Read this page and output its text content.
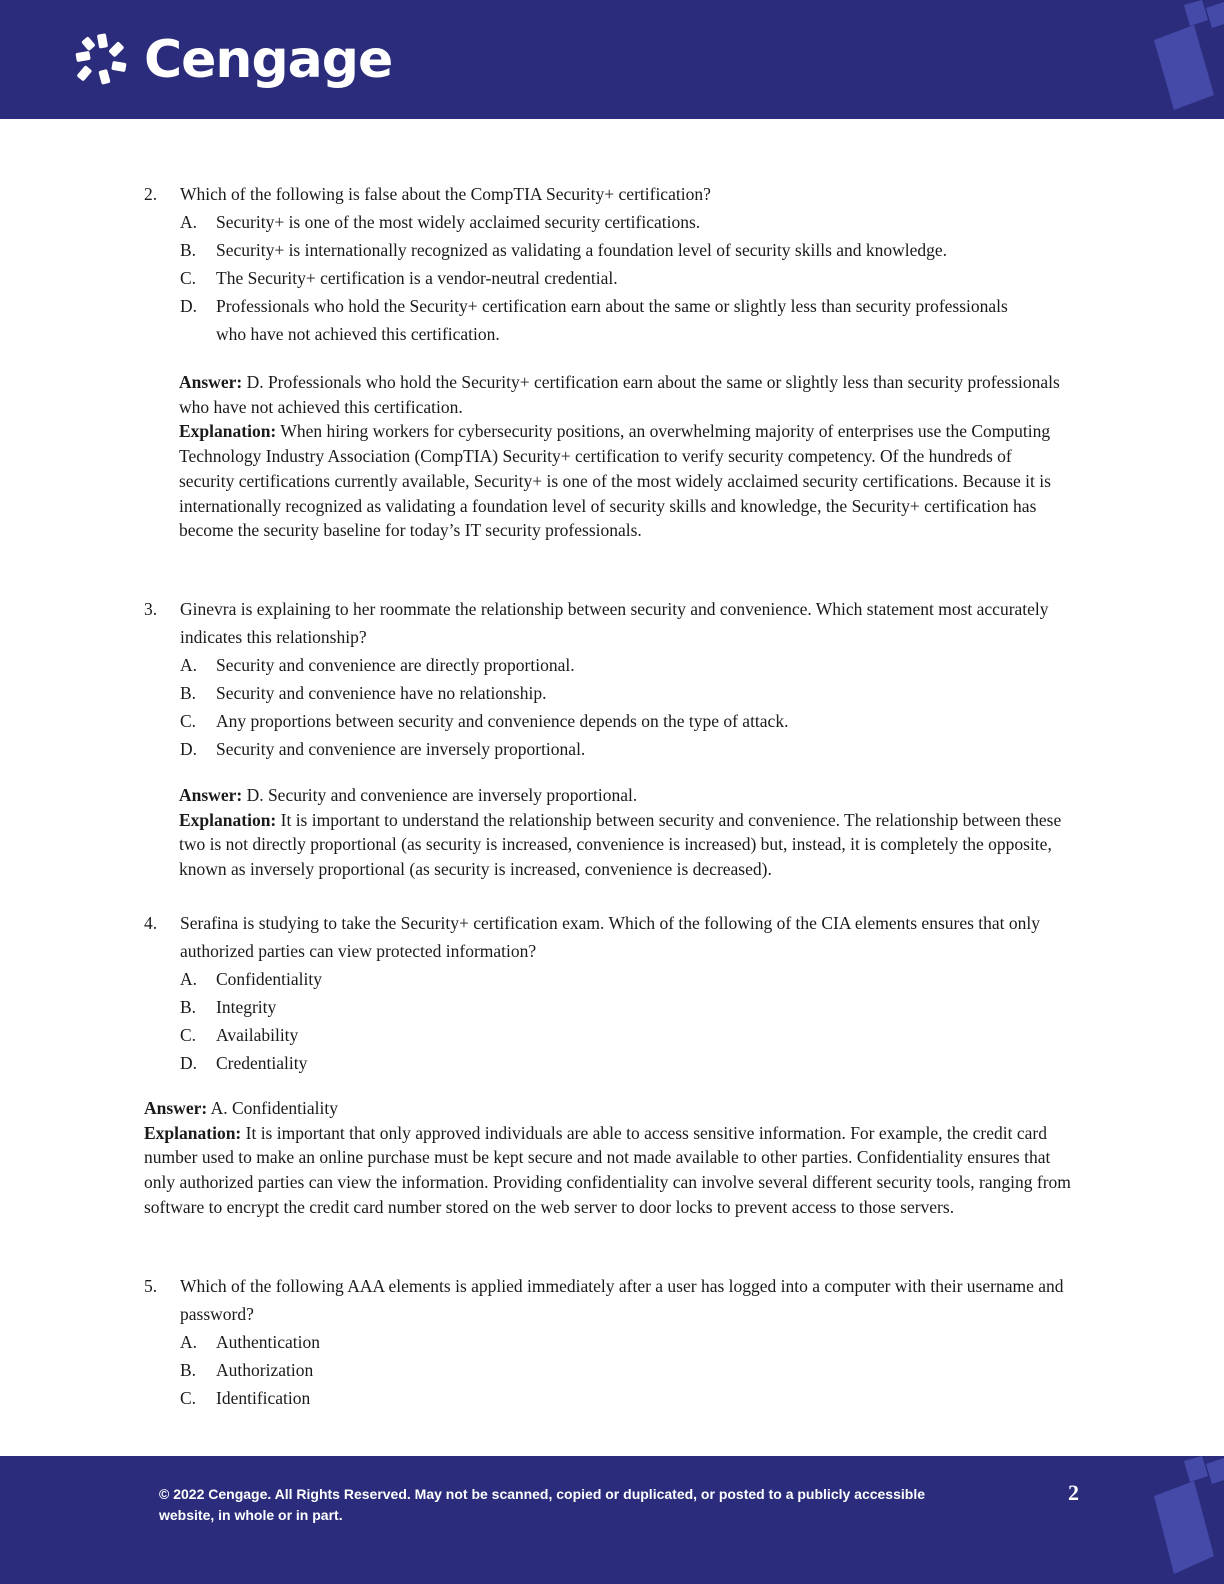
Cengage
2.	Which of the following is false about the CompTIA Security+ certification?
A.	Security+ is one of the most widely acclaimed security certifications.
B.	Security+ is internationally recognized as validating a foundation level of security skills and knowledge.
C.	The Security+ certification is a vendor-neutral credential.
D.	Professionals who hold the Security+ certification earn about the same or slightly less than security professionals who have not achieved this certification.
Answer: D. Professionals who hold the Security+ certification earn about the same or slightly less than security professionals who have not achieved this certification.
Explanation: When hiring workers for cybersecurity positions, an overwhelming majority of enterprises use the Computing Technology Industry Association (CompTIA) Security+ certification to verify security competency. Of the hundreds of security certifications currently available, Security+ is one of the most widely acclaimed security certifications. Because it is internationally recognized as validating a foundation level of security skills and knowledge, the Security+ certification has become the security baseline for today’s IT security professionals.
3.	Ginevra is explaining to her roommate the relationship between security and convenience. Which statement most accurately indicates this relationship?
A.	Security and convenience are directly proportional.
B.	Security and convenience have no relationship.
C.	Any proportions between security and convenience depends on the type of attack.
D.	Security and convenience are inversely proportional.
Answer: D. Security and convenience are inversely proportional.
Explanation: It is important to understand the relationship between security and convenience. The relationship between these two is not directly proportional (as security is increased, convenience is increased) but, instead, it is completely the opposite, known as inversely proportional (as security is increased, convenience is decreased).
4.	Serafina is studying to take the Security+ certification exam. Which of the following of the CIA elements ensures that only authorized parties can view protected information?
A.	Confidentiality
B.	Integrity
C.	Availability
D.	Credentiality
Answer: A. Confidentiality
Explanation: It is important that only approved individuals are able to access sensitive information. For example, the credit card number used to make an online purchase must be kept secure and not made available to other parties. Confidentiality ensures that only authorized parties can view the information. Providing confidentiality can involve several different security tools, ranging from software to encrypt the credit card number stored on the web server to door locks to prevent access to those servers.
5.	Which of the following AAA elements is applied immediately after a user has logged into a computer with their username and password?
A.	Authentication
B.	Authorization
C.	Identification
© 2022 Cengage. All Rights Reserved. May not be scanned, copied or duplicated, or posted to a publicly accessible website, in whole or in part.
2
